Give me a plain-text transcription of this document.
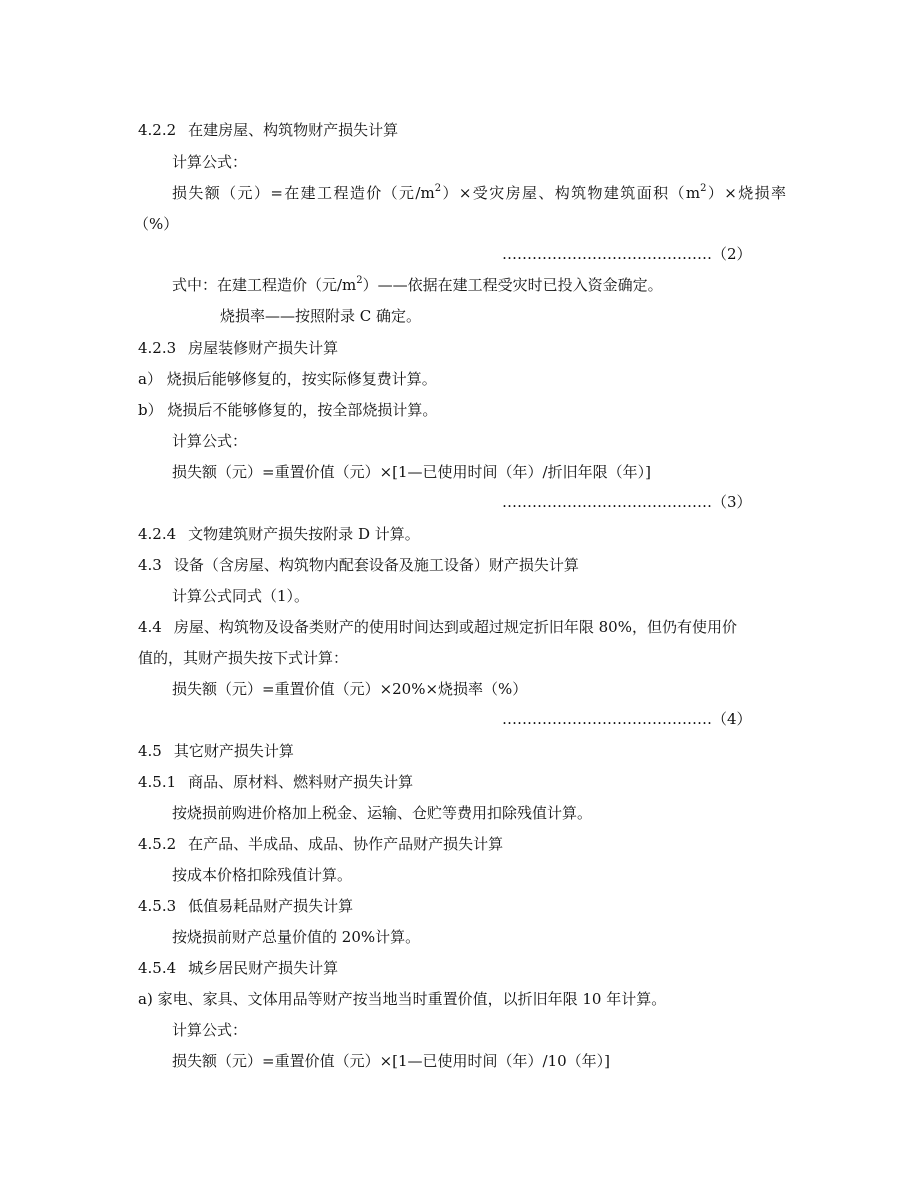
4.2.2 在建房屋、构筑物财产损失计算
计算公式：
损失额（元）=在建工程造价（元$/m^2)\times$受灾房屋、构筑物建筑面积$(m^2)\times$烧损率
（%）
……………………………………（2）
式中：在建工程造价（元$/m^2)——$依据在建工程受灾时已投入资金确定。
烧损率——按照附录 C 确定。
4.2.3 房屋装修财产损失计算
a） 烧损后能够修复的，按实际修复费计算。
b） 烧损后不能够修复的，按全部烧损计算。
计算公式：
损失额（元）=重置价值（元）×[1—已使用时间（年）/折旧年限（年）]
……………………………………（3）
4.2.4 文物建筑财产损失按附录 D 计算。
4.3 设备（含房屋、构筑物内配套设备及施工设备）财产损失计算
计算公式同式（1）。
4.4 房屋、构筑物及设备类财产的使用时间达到或超过规定折旧年限 80%，但仍有使用价
值的，其财产损失按下式计算：
损失额（元）=重置价值（元）×20%×烧损率（%）
……………………………………（4）
4.5 其它财产损失计算
4.5.1 商品、原材料、燃料财产损失计算
按烧损前购进价格加上税金、运输、仓贮等费用扣除残值计算。
4.5.2 在产品、半成品、成品、协作产品财产损失计算
按成本价格扣除残值计算。
4.5.3 低值易耗品财产损失计算
按烧损前财产总量价值的 20%计算。
4.5.4 城乡居民财产损失计算
a) 家电、家具、文体用品等财产按当地当时重置价值，以折旧年限 10 年计算。
计算公式：
损失额（元）=重置价值（元）×[1—已使用时间（年）/10（年）]
